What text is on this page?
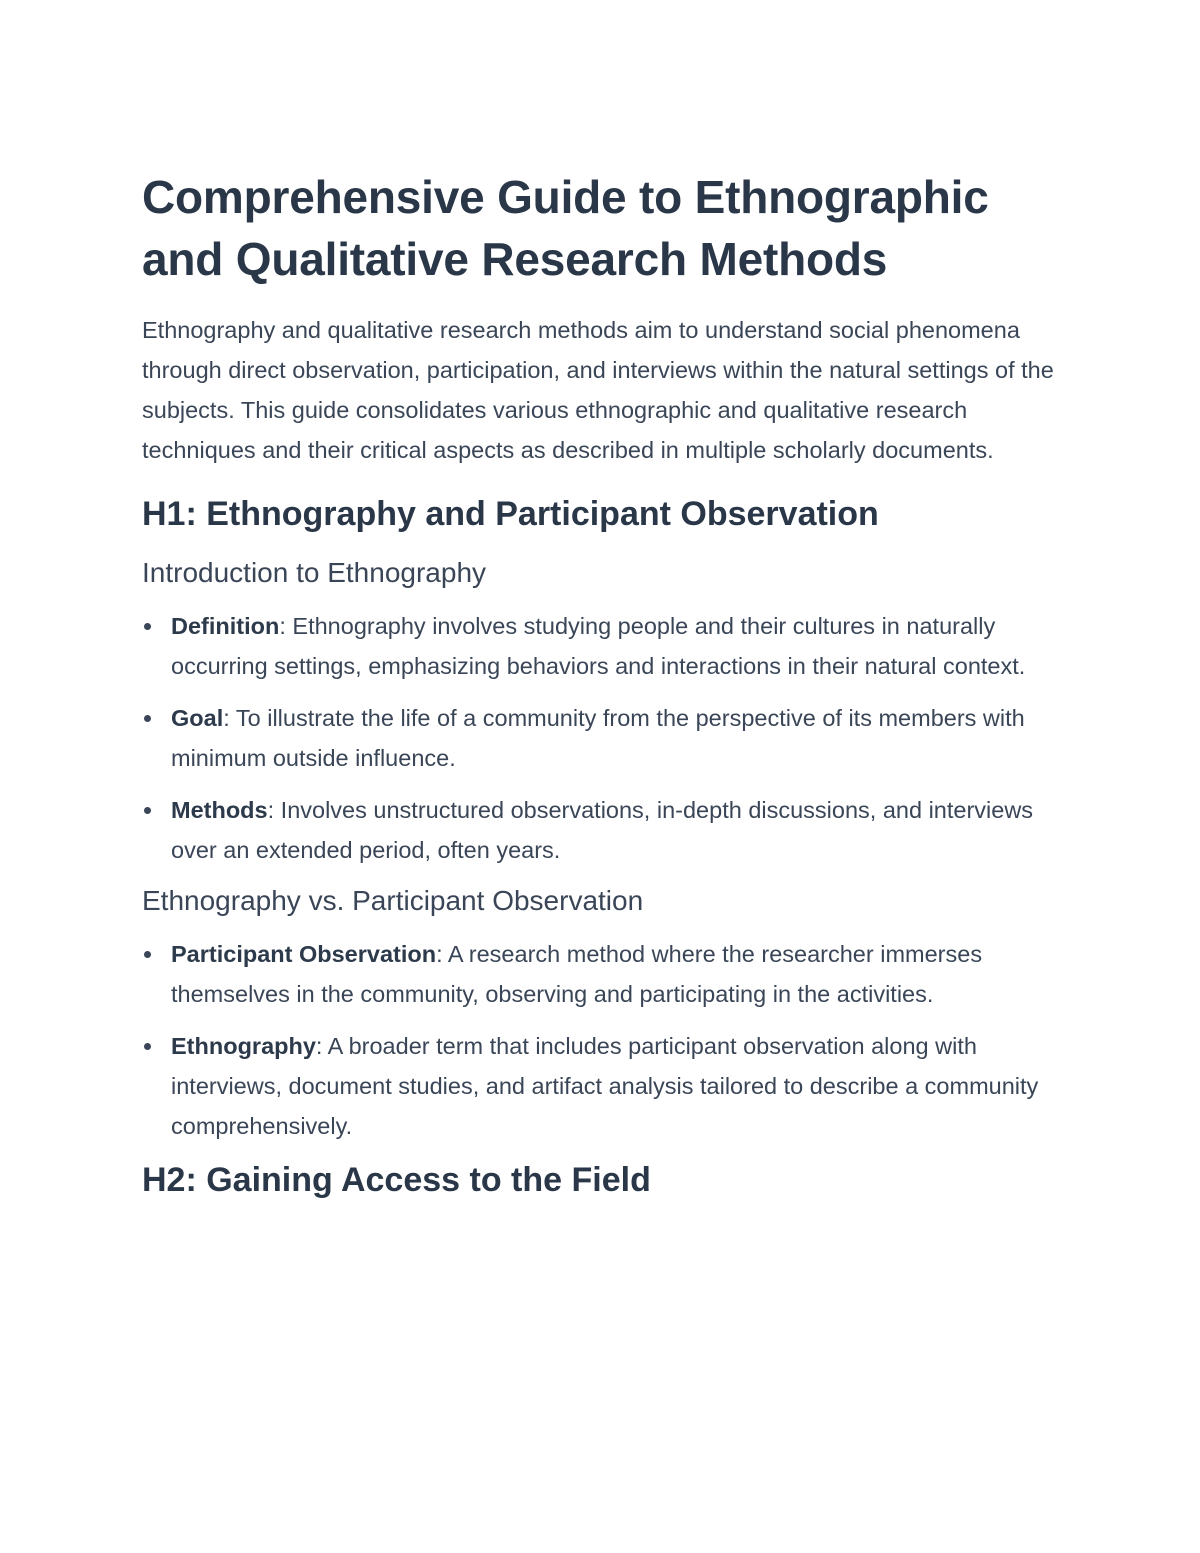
Comprehensive Guide to Ethnographic and Qualitative Research Methods

Ethnography and qualitative research methods aim to understand social phenomena through direct observation, participation, and interviews within the natural settings of the subjects. This guide consolidates various ethnographic and qualitative research techniques and their critical aspects as described in multiple scholarly documents.

H1: Ethnography and Participant Observation
Introduction to Ethnography
Definition: Ethnography involves studying people and their cultures in naturally occurring settings, emphasizing behaviors and interactions in their natural context.
Goal: To illustrate the life of a community from the perspective of its members with minimum outside influence.
Methods: Involves unstructured observations, in-depth discussions, and interviews over an extended period, often years.
Ethnography vs. Participant Observation
Participant Observation: A research method where the researcher immerses themselves in the community, observing and participating in the activities.
Ethnography: A broader term that includes participant observation along with interviews, document studies, and artifact analysis tailored to describe a community comprehensively.
H2: Gaining Access to the Field
